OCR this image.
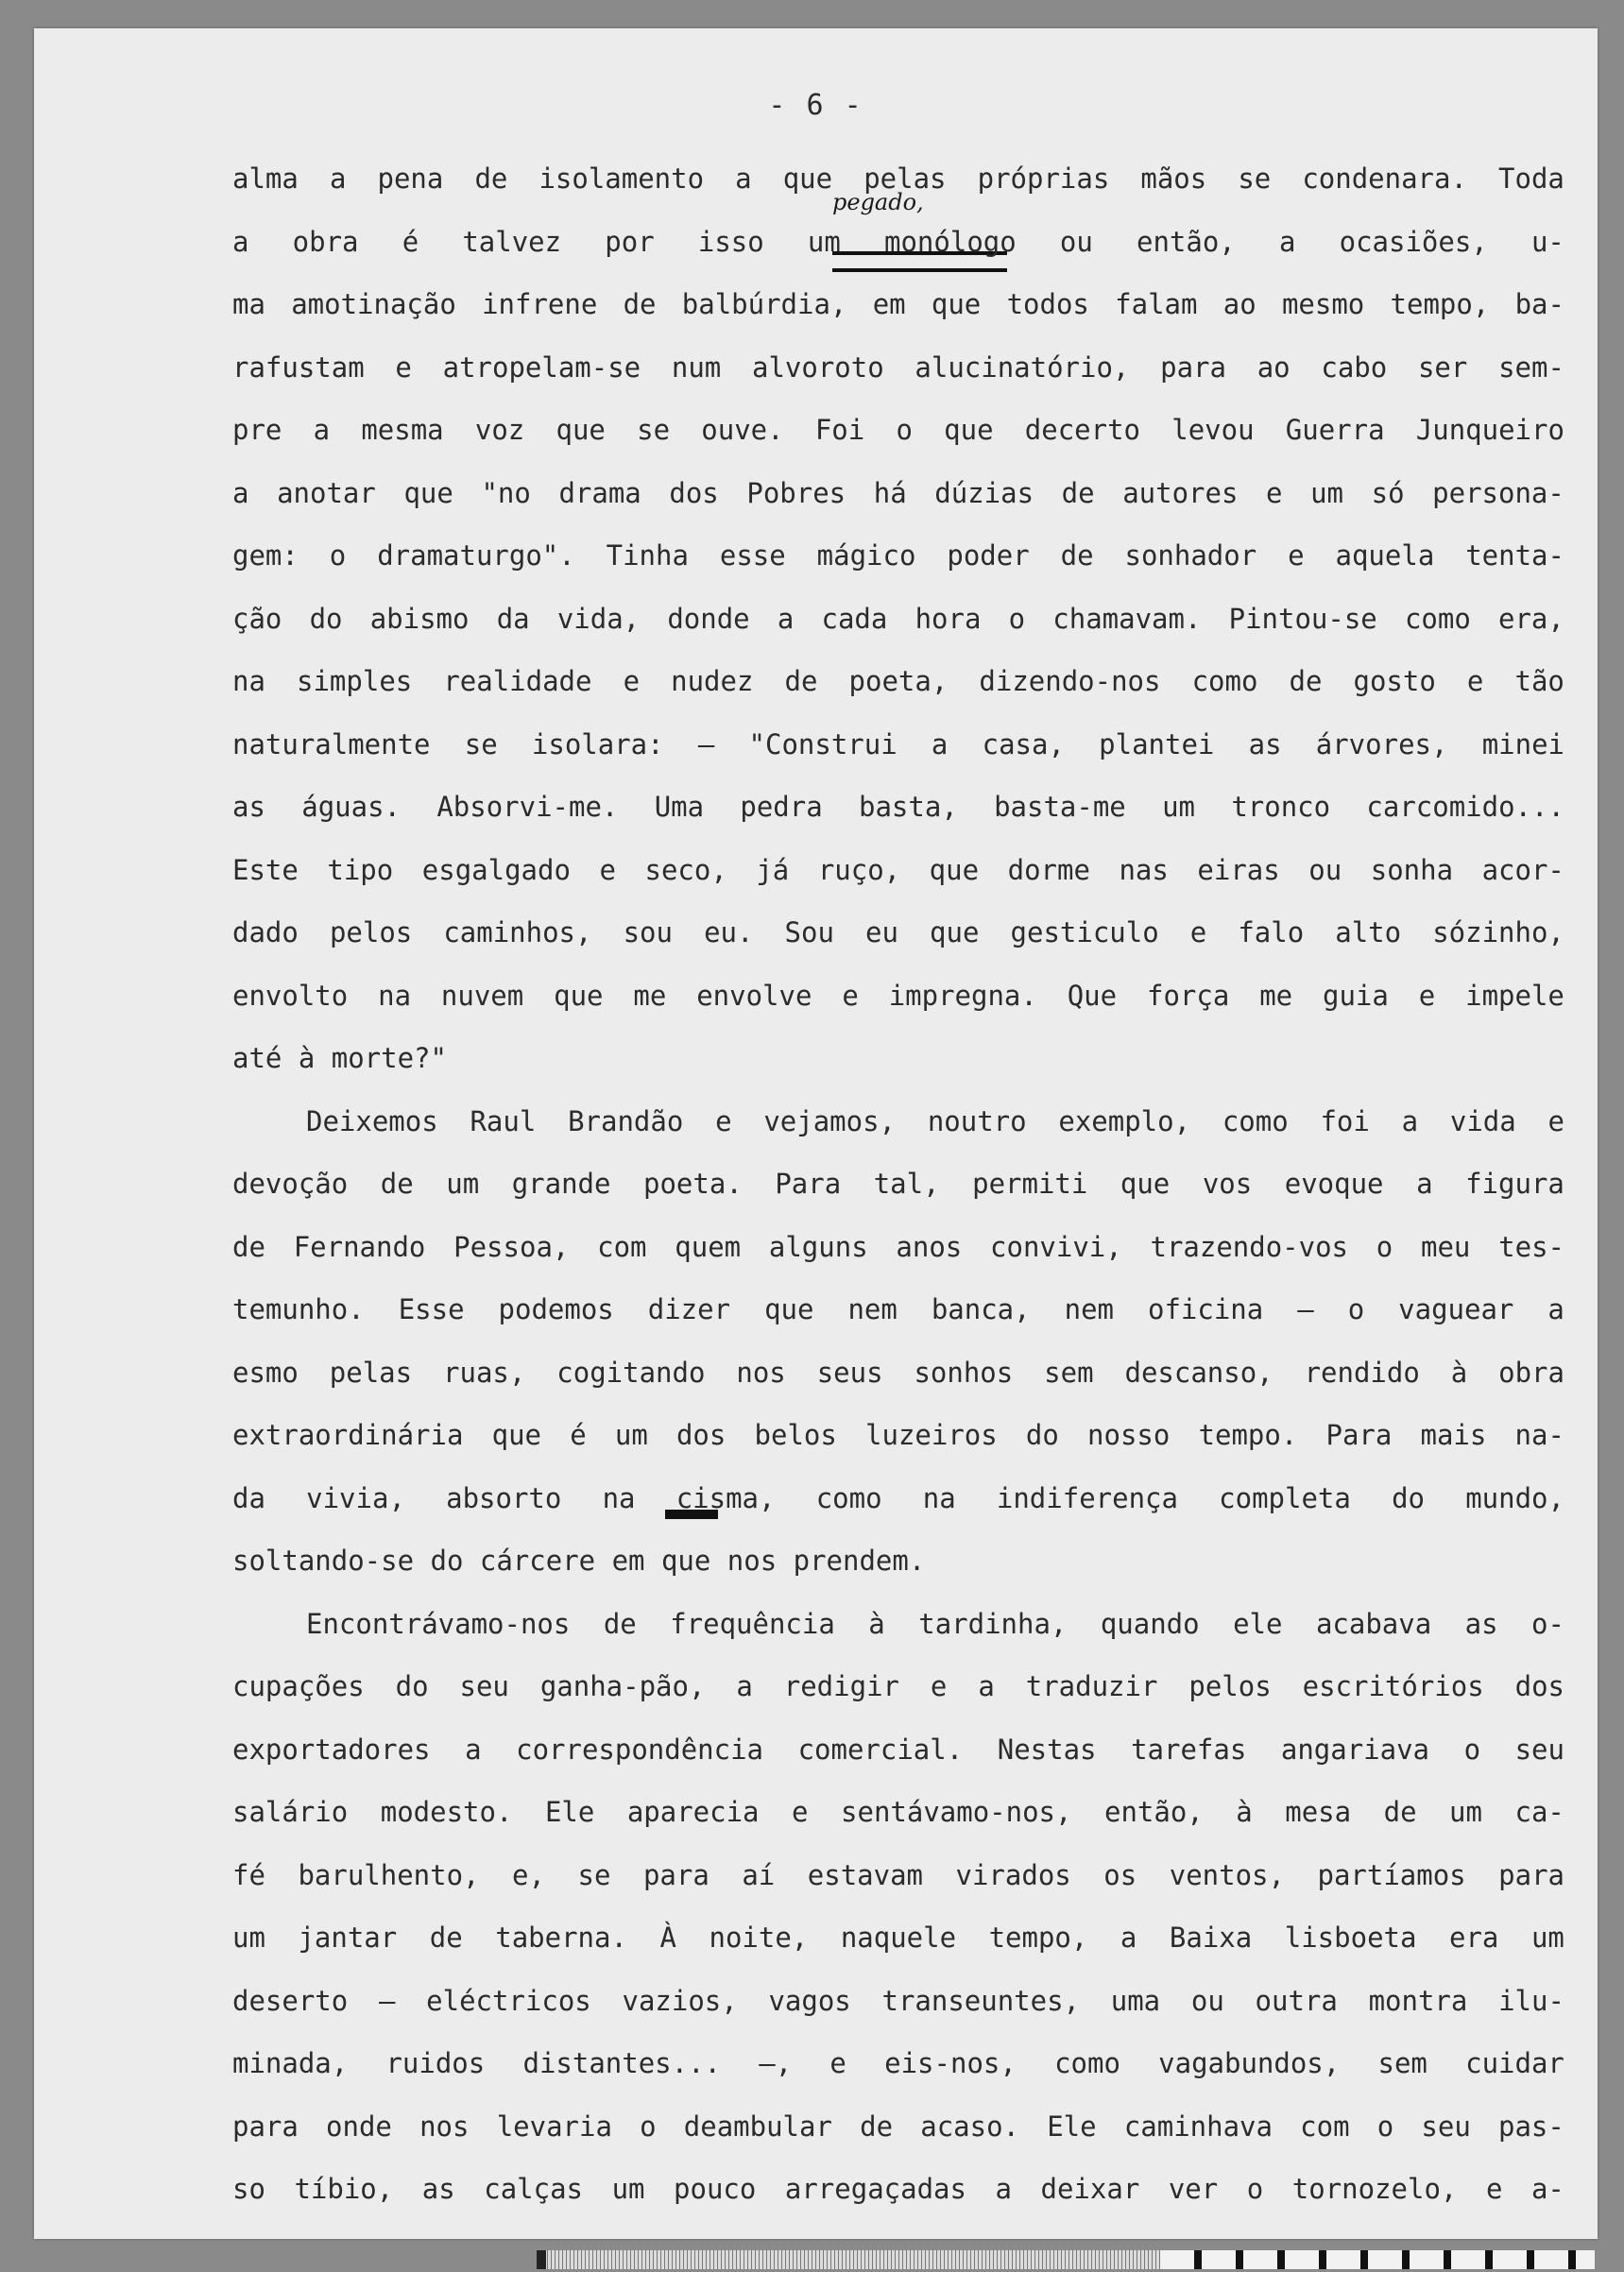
- 6 -
pegado,
alma a pena de isolamento a que pelas próprias mãos se condenara. Toda
a obra é talvez por isso um monólogo ou então, a ocasiões, u-
ma amotinação infrene de balbúrdia, em que todos falam ao mesmo tempo, ba-
rafustam e atropelam-se num alvoroto alucinatório, para ao cabo ser sem-
pre a mesma voz que se ouve. Foi o que decerto levou Guerra Junqueiro
a anotar que "no drama dos Pobres há dúzias de autores e um só persona-
gem: o dramaturgo". Tinha esse mágico poder de sonhador e aquela tenta-
ção do abismo da vida, donde a cada hora o chamavam. Pintou-se como era,
na simples realidade e nudez de poeta, dizendo-nos como de gosto e tão
naturalmente se isolara: — "Construi a casa, plantei as árvores, minei
as águas. Absorvi-me. Uma pedra basta, basta-me um tronco carcomido...
Este tipo esgalgado e seco, já ruço, que dorme nas eiras ou sonha acor-
dado pelos caminhos, sou eu. Sou eu que gesticulo e falo alto sózinho,
envolto na nuvem que me envolve e impregna. Que força me guia e impele
até à morte?"
Deixemos Raul Brandão e vejamos, noutro exemplo, como foi a vida e
devoção de um grande poeta. Para tal, permiti que vos evoque a figura
de Fernando Pessoa, com quem alguns anos convivi, trazendo-vos o meu tes-
temunho. Esse podemos dizer que nem banca, nem oficina — o vaguear a
esmo pelas ruas, cogitando nos seus sonhos sem descanso, rendido à obra
extraordinária que é um dos belos luzeiros do nosso tempo. Para mais na-
da vivia, absorto na cisma, como na indiferença completa do mundo,
soltando-se do cárcere em que nos prendem.
Encontrávamo-nos de frequência à tardinha, quando ele acabava as o-
cupações do seu ganha-pão, a redigir e a traduzir pelos escritórios dos
exportadores a correspondência comercial. Nestas tarefas angariava o seu
salário modesto. Ele aparecia e sentávamo-nos, então, à mesa de um ca-
fé barulhento, e, se para aí estavam virados os ventos, partíamos para
um jantar de taberna. À noite, naquele tempo, a Baixa lisboeta era um
deserto — eléctricos vazios, vagos transeuntes, uma ou outra montra ilu-
minada, ruidos distantes... —, e eis-nos, como vagabundos, sem cuidar
para onde nos levaria o deambular de acaso. Ele caminhava com o seu pas-
so tíbio, as calças um pouco arregaçadas a deixar ver o tornozelo, e a-
